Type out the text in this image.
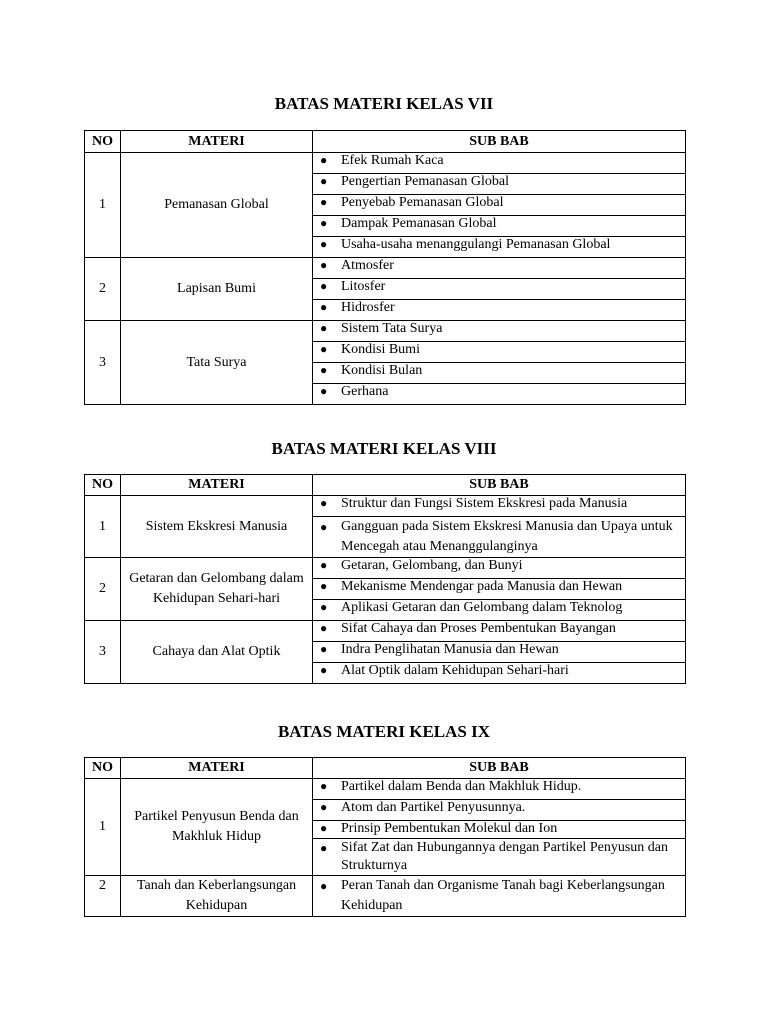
BATAS MATERI KELAS VII
NO	MATERI	SUB BAB
1	Pemanasan Global	● Efek Rumah Kaca

		● Pengertian Pemanasan Global

		● Penyebab Pemanasan Global

		● Dampak Pemanasan Global

		● Usaha-usaha menanggulangi Pemanasan Global

2	Lapisan Bumi	● Atmosfer

		● Litosfer

		● Hidrosfer

3	Tata Surya	● Sistem Tata Surya

		● Kondisi Bumi

		● Kondisi Bulan

		● Gerhana
BATAS MATERI KELAS VIII
NO	MATERI	SUB BAB
1	Sistem Ekskresi Manusia	● Struktur dan Fungsi Sistem Ekskresi pada Manusia

		● Gangguan pada Sistem Ekskresi Manusia dan Upaya untuk Mencegah atau Menanggulanginya

2	Getaran dan Gelombang dalam Kehidupan Sehari-hari	● Getaran, Gelombang, dan Bunyi

		● Mekanisme Mendengar pada Manusia dan Hewan

		● Aplikasi Getaran dan Gelombang dalam Teknolog

3	Cahaya dan Alat Optik	● Sifat Cahaya dan Proses Pembentukan Bayangan

		● Indra Penglihatan Manusia dan Hewan

		● Alat Optik dalam Kehidupan Sehari-hari
BATAS MATERI KELAS IX
NO	MATERI	SUB BAB
1	Partikel Penyusun Benda dan Makhluk Hidup	● Partikel dalam Benda dan Makhluk Hidup.

		● Atom dan Partikel Penyusunnya.

		● Prinsip Pembentukan Molekul dan Ion

		● Sifat Zat dan Hubungannya dengan Partikel Penyusun dan Strukturnya

2	Tanah dan Keberlangsungan Kehidupan	● Peran Tanah dan Organisme Tanah bagi Keberlangsungan Kehidupan
